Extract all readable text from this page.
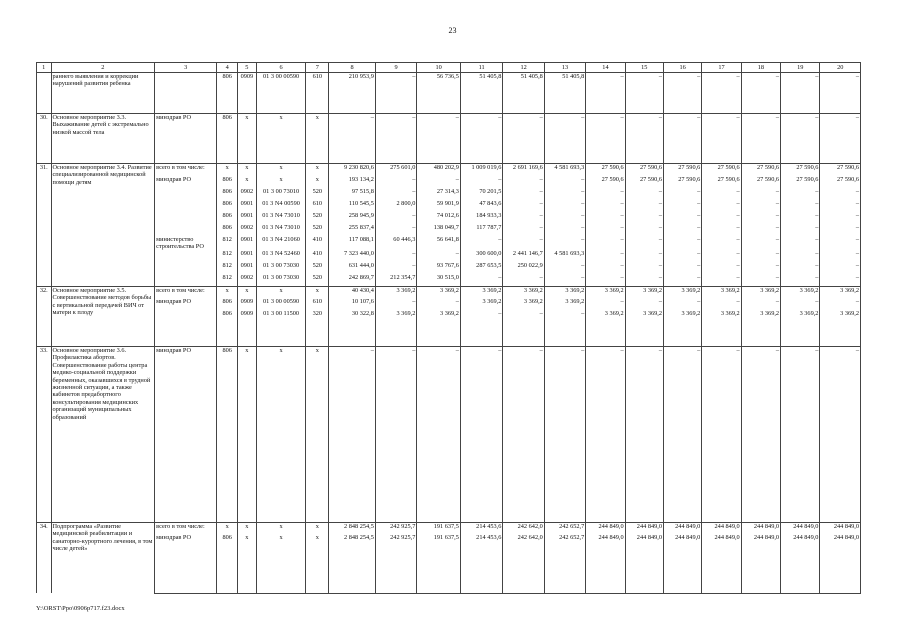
23
1	2	3	4	5	6	7	8	9	10	11	12	13	14	15	16	17	18	19	20
	раннего выявления и коррекции нарушений развития ребенка		806	0909	01 3 00 00590	610	210 953,9	–	56 736,5	51 405,8	51 405,8	51 405,8	–	–	–	–	–	–	–
30.	Основное мероприятие 3.3. Выхаживание детей с экстремально низкой массой тела	минздрав РО	806	х	х	х	–	–	–	–	–	–	–	–	–	–	–	–	–
31.	Основное мероприятие 3.4. Развитие специализированной медицинской помощи детям	всего в том числе:	х	х	х	х	9 230 820,6	275 601,0	480 202,9	1 009 019,6	2 691 169,6	4 581 693,3	27 590,6	27 590,6	27 590,6	27 590,6	27 590,6	27 590,6	27 590,6
		минздрав РО	806	х	х	х	193 134,2	–	–	–	–	–	27 590,6	27 590,6	27 590,6	27 590,6	27 590,6	27 590,6	27 590,6
			806	0902	01 3 00 73010	520	97 515,8	–	27 314,3	70 201,5	–	–	–	–	–	–	–	–	–
			806	0901	01 3 N4 00590	610	110 545,5	2 800,0	59 901,9	47 843,6	–	–	–	–	–	–	–	–	–
			806	0901	01 3 N4 73010	520	258 945,9	–	74 012,6	184 933,3	–	–	–	–	–	–	–	–	–
			806	0902	01 3 N4 73010	520	255 837,4	–	138 049,7	117 787,7	–	–	–	–	–	–	–	–	–
		министерство строительства РО	812	0901	01 3 N4 21060	410	117 088,1	60 446,3	56 641,8	–	–	–	–	–	–	–	–	–	–
			812	0901	01 3 N4 52460	410	7 323 440,0	–	–	300 600,0	2 441 146,7	4 581 693,3	–	–	–	–	–	–	–
			812	0901	01 3 00 73030	520	631 444,0	–	93 767,6	287 653,5	250 022,9	–	–	–	–	–	–	–	–
			812	0902	01 3 00 73030	520	242 869,7	212 354,7	30 515,0	–	–	–	–	–	–	–	–	–	–
32.	Основное мероприятие 3.5. Совершенствование методов борьбы с вертикальной передачей ВИЧ от матери к плоду	всего в том числе:	х	х	х	х	40 430,4	3 369,2	3 369,2	3 369,2	3 369,2	3 369,2	3 369,2	3 369,2	3 369,2	3 369,2	3 369,2	3 369,2	3 369,2
		минздрав РО	806	0909	01 3 00 00590	610	10 107,6	–	–	3 369,2	3 369,2	3 369,2	–	–	–	–	–	–	–
			806	0909	01 3 00 11500	320	30 322,8	3 369,2	3 369,2	–	–	–	3 369,2	3 369,2	3 369,2	3 369,2	3 369,2	3 369,2	3 369,2
33.	Основное мероприятие 3.6. Профилактика абортов. Совершенствование работы центра медико-социальной поддержки беременных, оказавшихся в трудной жизненной ситуации, а также кабинетов предабортного консультирования медицинских организаций муниципальных образований	минздрав РО	806	х	х	х	–	–	–	–	–	–	–	–	–	–	–	–	–
34.	Подпрограмма «Развитие медицинской реабилитации и санаторно-курортного лечения, в том числе детей»	всего в том числе:	х	х	х	х	2 848 254,5	242 925,7	191 637,5	214 453,6	242 642,0	242 652,7	244 849,0	244 849,0	244 849,0	244 849,0	244 849,0	244 849,0	244 849,0
		минздрав РО	806	х	х	х	2 848 254,5	242 925,7	191 637,5	214 453,6	242 642,0	242 652,7	244 849,0	244 849,0	244 849,0	244 849,0	244 849,0	244 849,0	244 849,0
Y:\ORST\Ppo\0906p717.f23.docx
